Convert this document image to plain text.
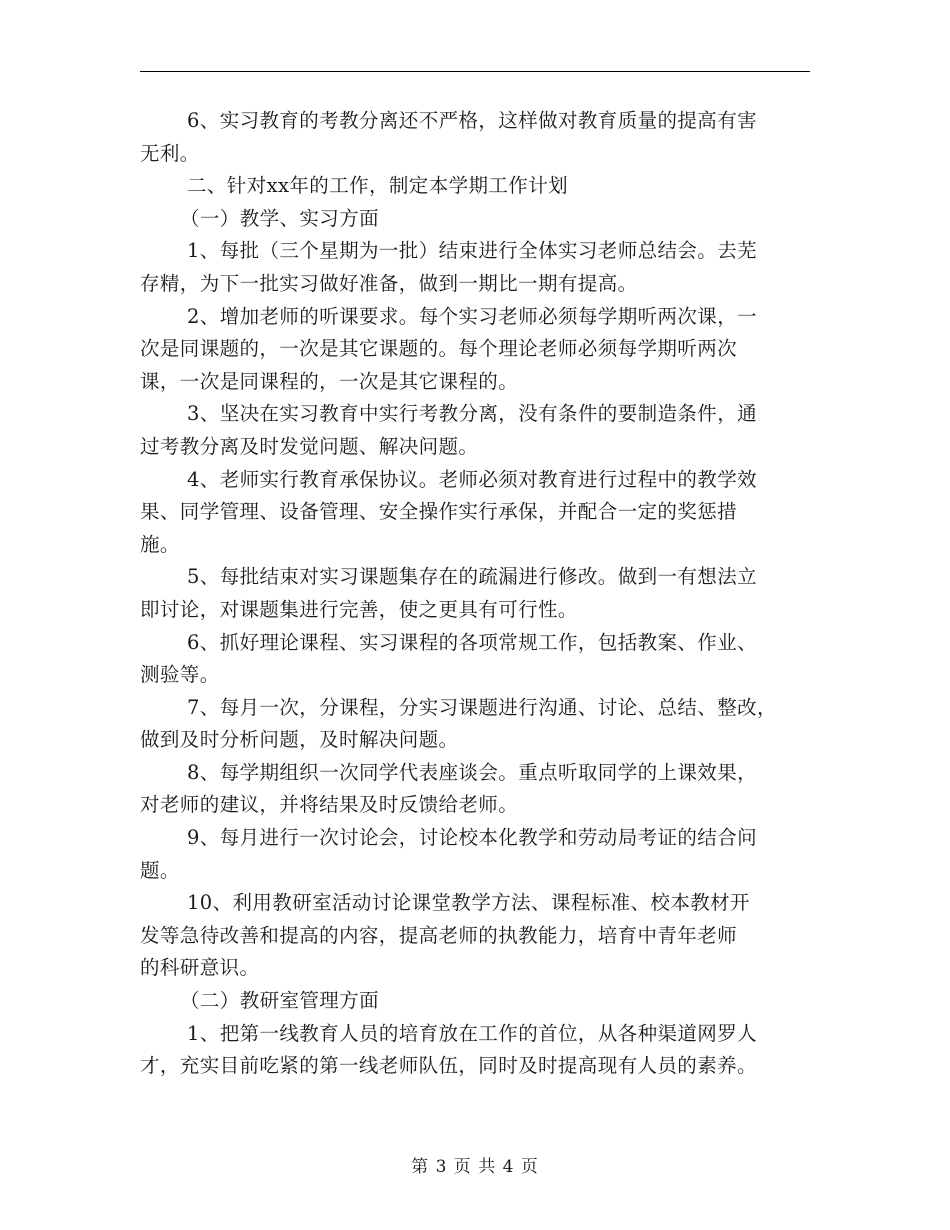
6、实习教育的考教分离还不严格，这样做对教育质量的提高有害
无利。
二、针对xx年的工作，制定本学期工作计划
（一）教学、实习方面
1、每批（三个星期为一批）结束进行全体实习老师总结会。去芜
存精，为下一批实习做好准备，做到一期比一期有提高。
2、增加老师的听课要求。每个实习老师必须每学期听两次课，一
次是同课题的，一次是其它课题的。每个理论老师必须每学期听两次
课，一次是同课程的，一次是其它课程的。
3、坚决在实习教育中实行考教分离，没有条件的要制造条件，通
过考教分离及时发觉问题、解决问题。
4、老师实行教育承保协议。老师必须对教育进行过程中的教学效
果、同学管理、设备管理、安全操作实行承保，并配合一定的奖惩措
施。
5、每批结束对实习课题集存在的疏漏进行修改。做到一有想法立
即讨论，对课题集进行完善，使之更具有可行性。
6、抓好理论课程、实习课程的各项常规工作，包括教案、作业、
测验等。
7、每月一次，分课程，分实习课题进行沟通、讨论、总结、整改，
做到及时分析问题，及时解决问题。
8、每学期组织一次同学代表座谈会。重点听取同学的上课效果，
对老师的建议，并将结果及时反馈给老师。
9、每月进行一次讨论会，讨论校本化教学和劳动局考证的结合问
题。
10、利用教研室活动讨论课堂教学方法、课程标准、校本教材开
发等急待改善和提高的内容，提高老师的执教能力，培育中青年老师
的科研意识。
（二）教研室管理方面
1、把第一线教育人员的培育放在工作的首位，从各种渠道网罗人
才，充实目前吃紧的第一线老师队伍，同时及时提高现有人员的素养。
第 3 页 共 4 页
